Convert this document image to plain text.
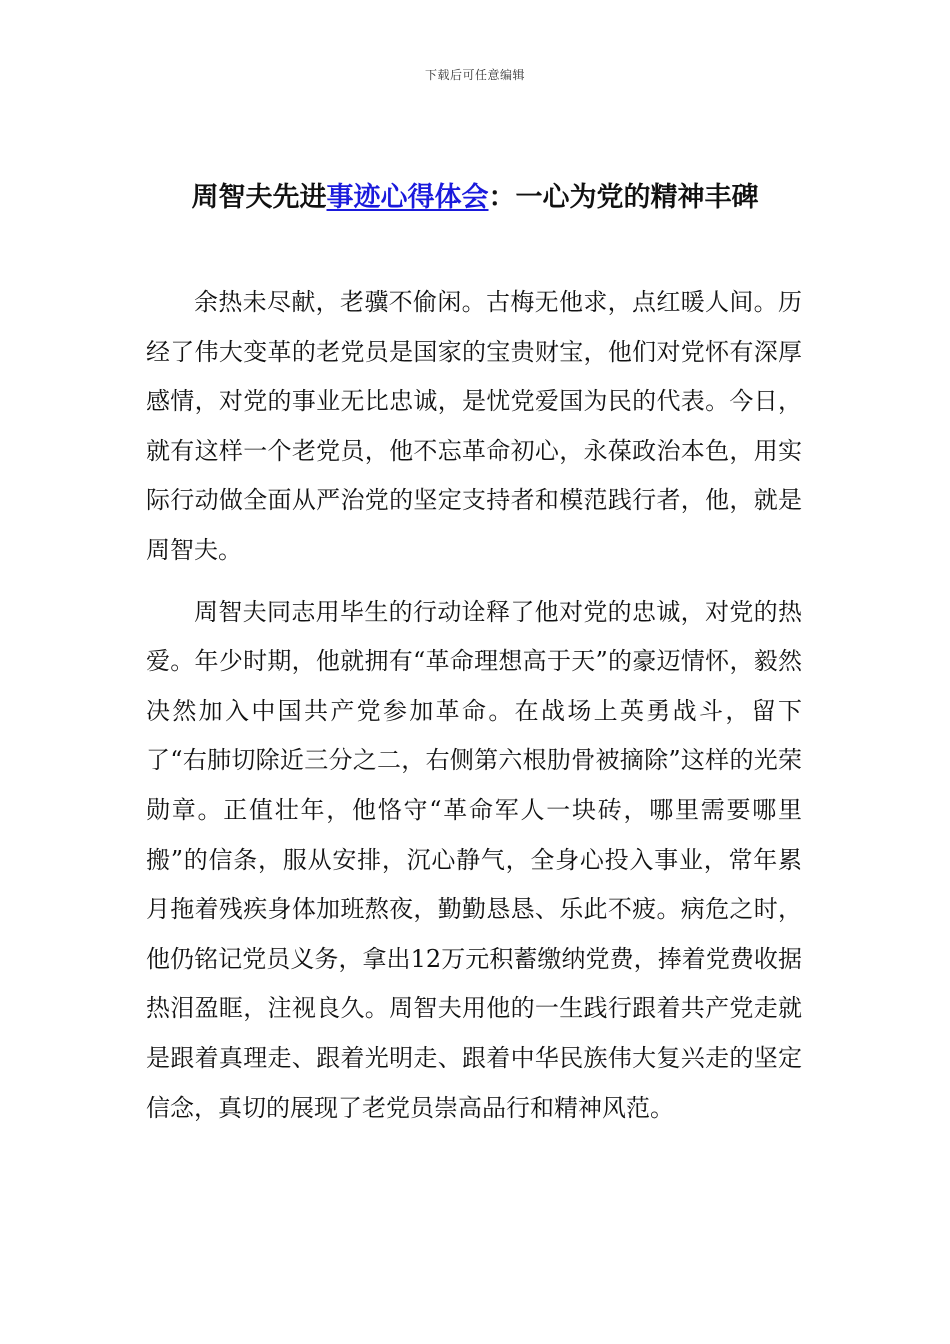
下载后可任意编辑
周智夫先进事迹心得体会：一心为党的精神丰碑

余热未尽献，老骥不偷闲。古梅无他求，点红暖人间。历经了伟大变革的老党员是国家的宝贵财宝，他们对党怀有深厚感情，对党的事业无比忠诚，是忧党爱国为民的代表。今日，就有这样一个老党员，他不忘革命初心，永葆政治本色，用实际行动做全面从严治党的坚定支持者和模范践行者，他，就是周智夫。

周智夫同志用毕生的行动诠释了他对党的忠诚，对党的热爱。年少时期，他就拥有“革命理想高于天”的豪迈情怀，毅然决然加入中国共产党参加革命。在战场上英勇战斗，留下了“右肺切除近三分之二，右侧第六根肋骨被摘除”这样的光荣勋章。正值壮年，他恪守“革命军人一块砖，哪里需要哪里搬”的信条，服从安排，沉心静气，全身心投入事业，常年累月拖着残疾身体加班熬夜，勤勤恳恳、乐此不疲。病危之时，他仍铭记党员义务，拿出12万元积蓄缴纳党费，捧着党费收据热泪盈眶，注视良久。周智夫用他的一生践行跟着共产党走就是跟着真理走、跟着光明走、跟着中华民族伟大复兴走的坚定信念，真切的展现了老党员崇高品行和精神风范。
